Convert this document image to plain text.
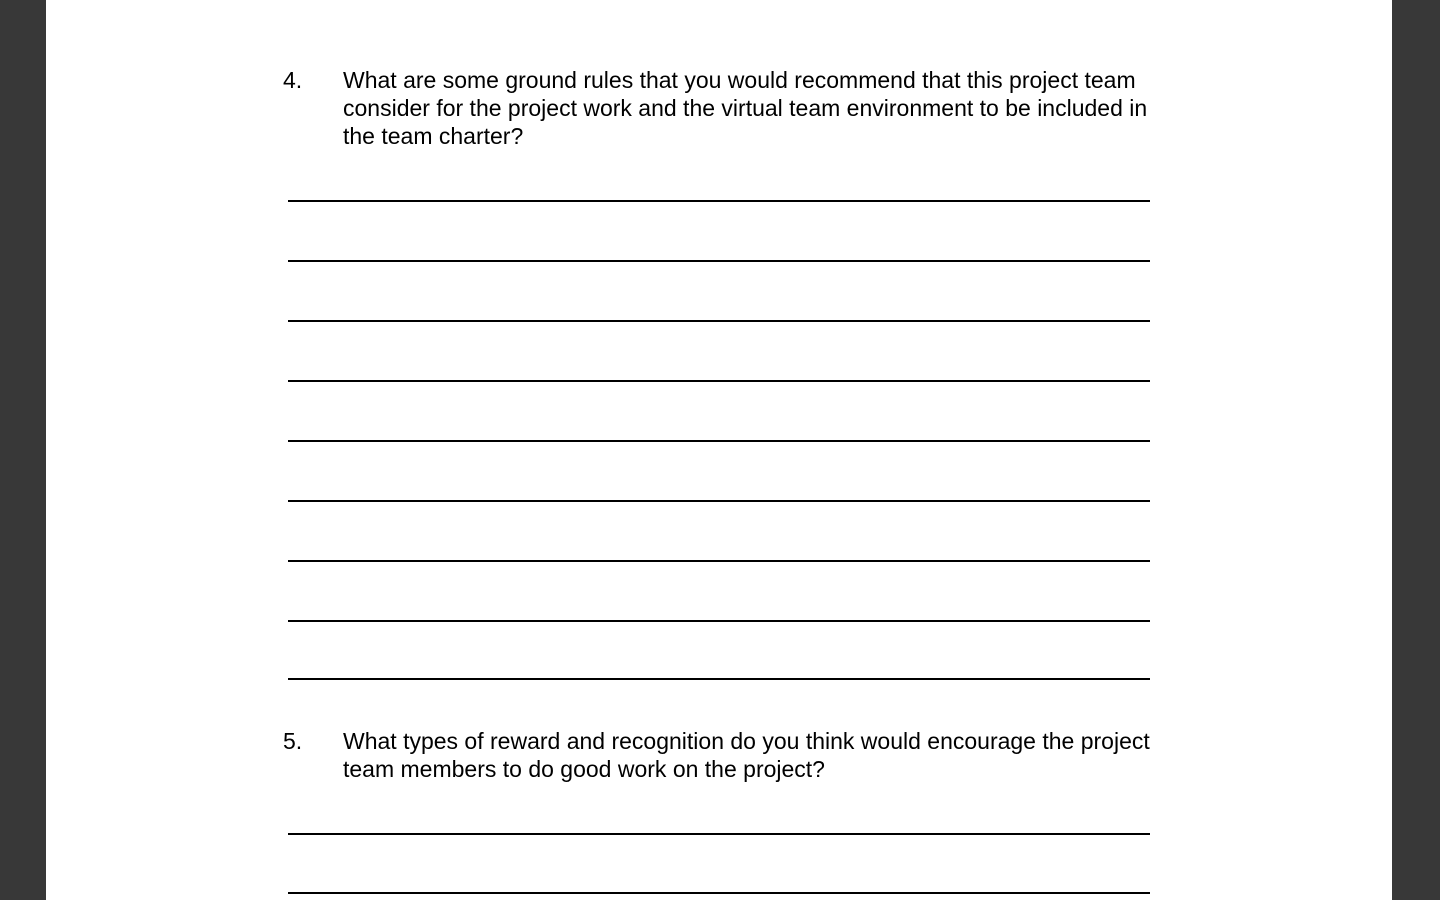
4.	What are some ground rules that you would recommend that this project team consider for the project work and the virtual team environment to be included in the team charter?
5.	What types of reward and recognition do you think would encourage the project team members to do good work on the project?
